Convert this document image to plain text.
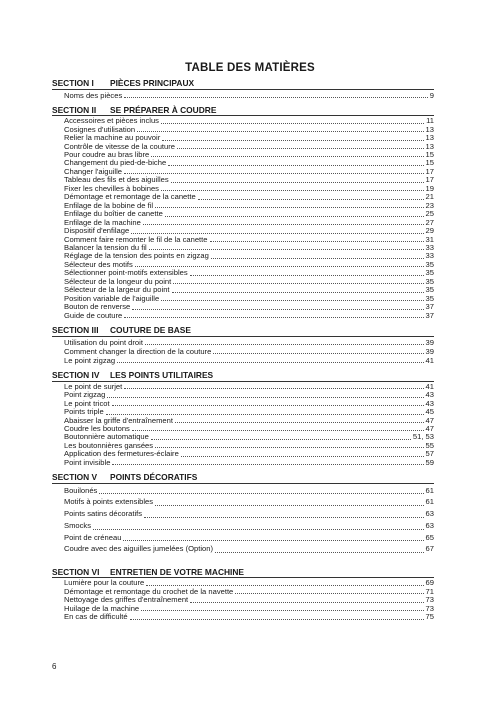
TABLE DES MATIÈRES
SECTION I PIÈCES PRINCIPAUX
Noms des pièces	9
SECTION II SE PRÉPARER À COUDRE
Accessoires et pièces inclus	11
Cosignes d'utilisation	13
Relier la machine au pouvoir	13
Contrôle de vitesse de la couture	13
Pour coudre au bras libre	15
Changement du pied-de-biche	15
Changer l'aiguille	17
Tableau des fils et des aiguilles	17
Fixer les chevilles à bobines	19
Démontage et remontage de la canette	21
Enfilage de la bobine de fil	23
Enfilage du boîtier de canette	25
Enfilage de la machine	27
Dispositif d'enfilage	29
Comment faire remonter le fil de la canette	31
Balancer la tension du fil	33
Réglage de la tension des points en zigzag	33
Sélecteur des motifs	35
Sélectionner point-motifs extensibles	35
Sélecteur de la longeur du point	35
Sélecteur de la largeur du point	35
Position variable de l'aiguille	35
Bouton de renverse	37
Guide de couture	37
SECTION III COUTURE DE BASE
Utilisation du point droit	39
Comment changer la direction de la couture	39
Le point zigzag	41
SECTION IV LES POINTS UTILITAIRES
Le point de surjet	41
Point zigzag	43
Le point tricot	43
Points triple	45
Abaisser la griffe d'entraînement	47
Coudre les boutons	47
Boutonnière automatique	51, 53
Les boutonnières gansées	55
Application des fermetures-éclaire	57
Point invisible	59
SECTION V POINTS DÉCORATIFS
Bouilonés	61
Motifs à points extensibles	61
Points satins décoratifs	63
Smocks	63
Point de créneau	65
Coudre avec des aiguilles jumelées (Option)	67
SECTION VI ENTRETIEN DE VOTRE MACHINE
Lumière pour la couture	69
Démontage et remontage du crochet de la navette	71
Nettoyage des griffes d'entraînement	73
Huilage de la machine	73
En cas de difficulté	75
6
